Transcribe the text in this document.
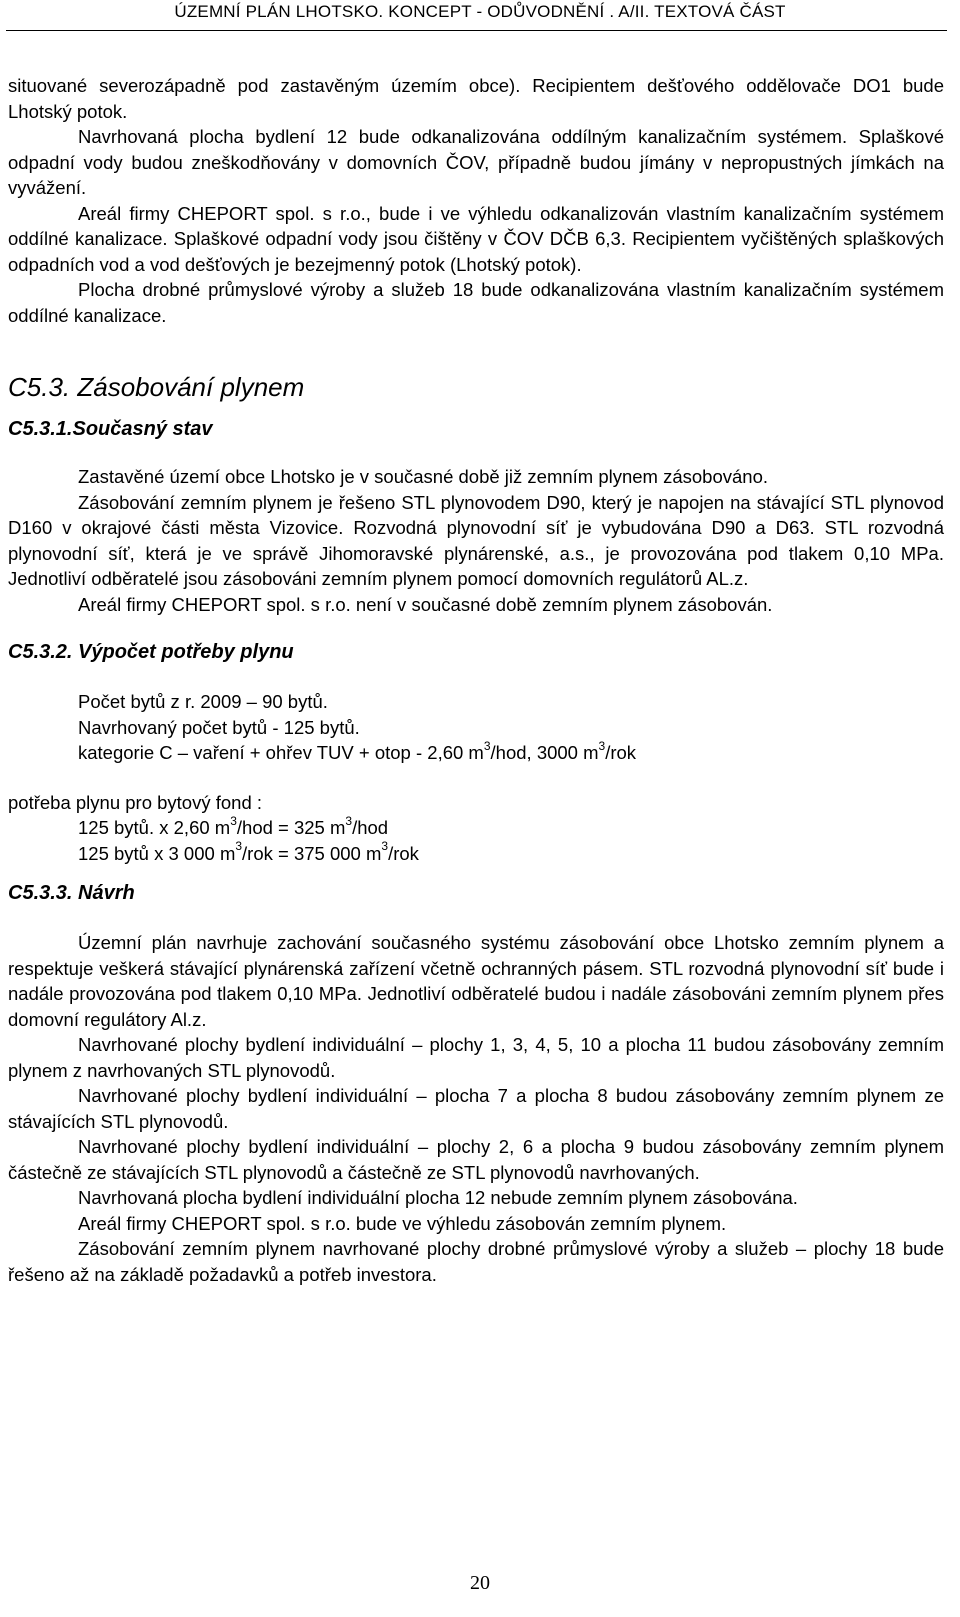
ÚZEMNÍ PLÁN LHOTSKO. KONCEPT - ODŮVODNĚNÍ . A/II. TEXTOVÁ ČÁST

situované severozápadně pod zastavěným územím obce). Recipientem dešťového oddělovače DO1 bude Lhotský potok.

Navrhovaná plocha bydlení 12 bude odkanalizována oddílným kanalizačním systémem. Splaškové odpadní vody budou zneškodňovány v domovních ČOV, případně budou jímány v nepropustných jímkách na vyvážení.

Areál firmy CHEPORT spol. s r.o., bude i ve výhledu odkanalizován vlastním kanalizačním systémem oddílné kanalizace. Splaškové odpadní vody jsou čištěny v ČOV DČB 6,3. Recipientem vyčištěných splaškových odpadních vod a vod dešťových je bezejmenný potok (Lhotský potok).

Plocha drobné průmyslové výroby a služeb 18 bude odkanalizována vlastním kanalizačním systémem oddílné kanalizace.

C5.3. Zásobování plynem
C5.3.1.Současný stav

Zastavěné území obce Lhotsko je v současné době již zemním plynem zásobováno.

Zásobování zemním plynem je řešeno STL plynovodem D90, který je napojen na stávající STL plynovod D160 v okrajové části města Vizovice. Rozvodná plynovodní síť je vybudována D90 a D63. STL rozvodná plynovodní síť, která je ve správě Jihomoravské plynárenské, a.s., je provozována pod tlakem 0,10 MPa. Jednotliví odběratelé jsou zásobováni zemním plynem pomocí domovních regulátorů AL.z.

Areál firmy CHEPORT spol. s r.o. není v současné době zemním plynem zásobován.

C5.3.2. Výpočet potřeby plynu
Počet bytů z r. 2009 – 90 bytů.
Navrhovaný počet bytů - 125 bytů.
kategorie C – vaření + ohřev TUV + otop - 2,60 $m^3$/hod, 3000 $m^3$/rok
potřeba plynu pro bytový fond :
125 bytů. x 2,60 $m^3$/hod = 325 $m^3$/hod
125 bytů x 3 000 $m^3$/rok = 375 000 $m^3$/rok
C5.3.3. Návrh

Územní plán navrhuje zachování současného systému zásobování obce Lhotsko zemním plynem a respektuje veškerá stávající plynárenská zařízení včetně ochranných pásem. STL rozvodná plynovodní síť bude i nadále provozována pod tlakem 0,10 MPa. Jednotliví odběratelé budou i nadále zásobováni zemním plynem přes domovní regulátory Al.z.

Navrhované plochy bydlení individuální – plochy 1, 3, 4, 5, 10 a plocha 11 budou zásobovány zemním plynem z navrhovaných STL plynovodů.

Navrhované plochy bydlení individuální – plocha 7 a plocha 8 budou zásobovány zemním plynem ze stávajících STL plynovodů.

Navrhované plochy bydlení individuální – plochy 2, 6 a plocha 9 budou zásobovány zemním plynem částečně ze stávajících STL plynovodů a částečně ze STL plynovodů navrhovaných.

Navrhovaná plocha bydlení individuální plocha 12 nebude zemním plynem zásobována.

Areál firmy CHEPORT spol. s r.o. bude ve výhledu zásobován zemním plynem.

Zásobování zemním plynem navrhované plochy drobné průmyslové výroby a služeb – plochy 18 bude řešeno až na základě požadavků a potřeb investora.

20
